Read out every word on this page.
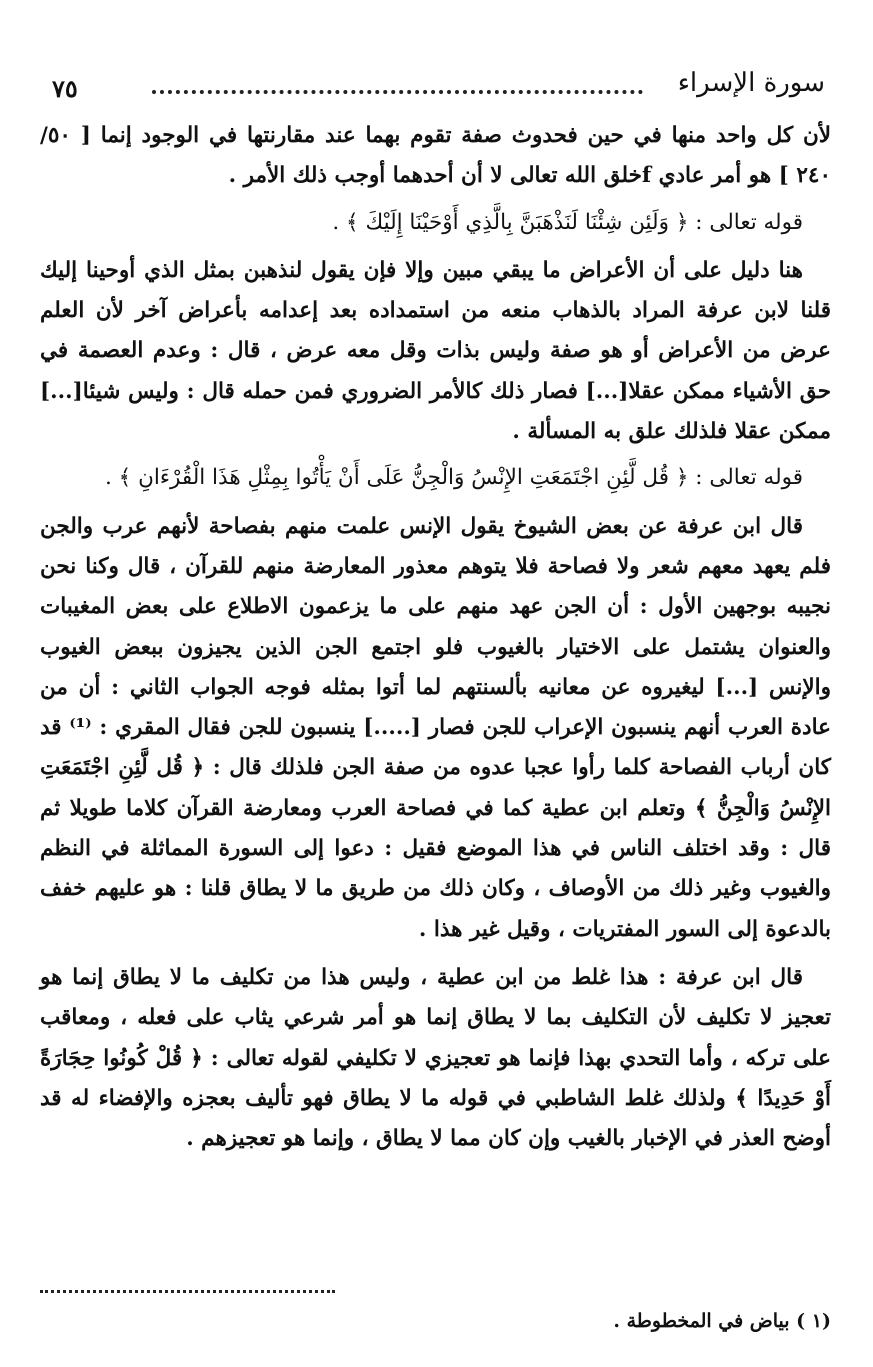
٧٥	سورة الإسراء

لأن كل واحد منها في حين فحدوث صفة تقوم بهما عند مقارنتها في الوجود إنما [ ٥٠/ ٢٤٠ ] هو أمر عادي fخلق الله تعالى لا أن أحدهما أوجب ذلك الأمر .

قوله تعالى : ﴿ وَلَئِن شِئْنَا لَنَذْهَبَنَّ بِالَّذِي أَوْحَيْنَا إِلَيْكَ ﴾ .

هنا دليل على أن الأعراض ما يبقي مبين وإلا فإن يقول لنذهبن بمثل الذي أوحينا إليك قلنا لابن عرفة المراد بالذهاب منعه من استمداده بعد إعدامه بأعراض آخر لأن العلم عرض من الأعراض أو هو صفة وليس بذات وقل معه عرض ، قال : وعدم العصمة في حق الأشياء ممكن عقلا[...] فصار ذلك كالأمر الضروري فمن حمله قال : وليس شيئا[...] ممكن عقلا فلذلك علق به المسألة .

قوله تعالى : ﴿ قُل لَّئِنِ اجْتَمَعَتِ الإِنْسُ وَالْجِنُّ عَلَى أَنْ يَأْتُوا بِمِثْلِ هَذَا الْقُرْءَانِ ﴾ .

قال ابن عرفة عن بعض الشيوخ يقول الإنس علمت منهم بفصاحة لأنهم عرب والجن فلم يعهد معهم شعر ولا فصاحة فلا يتوهم معذور المعارضة منهم للقرآن ، قال وكنا نحن نجيبه بوجهين الأول : أن الجن عهد منهم على ما يزعمون الاطلاع على بعض المغيبات والعنوان يشتمل على الاختيار بالغيوب فلو اجتمع الجن الذين يجيزون ببعض الغيوب والإنس [...] ليغيروه عن معانيه بألسنتهم لما أتوا بمثله فوجه الجواب الثاني : أن من عادة العرب أنهم ينسبون الإعراب للجن فصار [.....] ينسبون للجن فقال المقري : ⁽¹⁾ قد كان أرباب الفصاحة كلما رأوا عجبا عدوه من صفة الجن فلذلك قال : ﴿ قُل لَّئِنِ اجْتَمَعَتِ الإِنْسُ وَالْجِنُّ ﴾ وتعلم ابن عطية كما في فصاحة العرب ومعارضة القرآن كلاما طويلا ثم قال : وقد اختلف الناس في هذا الموضع فقيل : دعوا إلى السورة المماثلة في النظم والغيوب وغير ذلك من الأوصاف ، وكان ذلك من طريق ما لا يطاق قلنا : هو عليهم خفف بالدعوة إلى السور المفتريات ، وقيل غير هذا .

قال ابن عرفة : هذا غلط من ابن عطية ، وليس هذا من تكليف ما لا يطاق إنما هو تعجيز لا تكليف لأن التكليف بما لا يطاق إنما هو أمر شرعي يثاب على فعله ، ومعاقب على تركه ، وأما التحدي بهذا فإنما هو تعجيزي لا تكليفي لقوله تعالى : ﴿ قُلْ كُونُوا حِجَارَةً أَوْ حَدِيدًا ﴾ ولذلك غلط الشاطبي في قوله ما لا يطاق فهو تأليف بعجزه والإفضاء له قد أوضح العذر في الإخبار بالغيب وإن كان مما لا يطاق ، وإنما هو تعجيزهم .

(١ ) بياض في المخطوطة .
